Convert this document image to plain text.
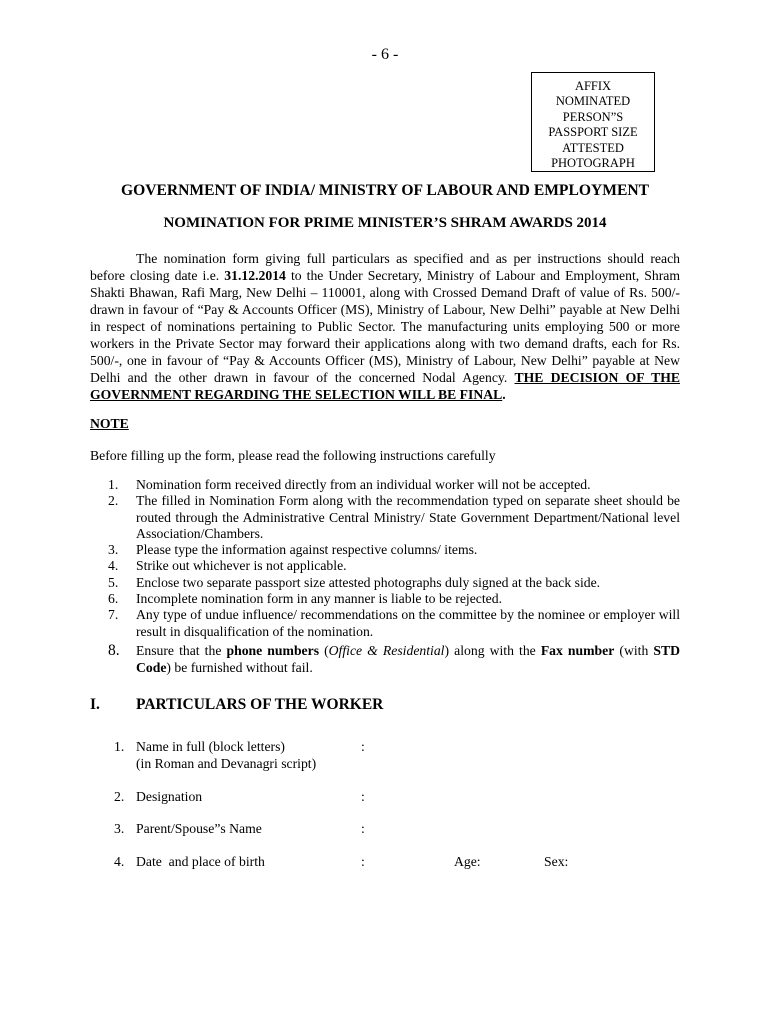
- 6 -
AFFIX
NOMINATED
PERSON”S
PASSPORT SIZE
ATTESTED
PHOTOGRAPH
GOVERNMENT OF INDIA/ MINISTRY OF LABOUR AND EMPLOYMENT
NOMINATION FOR PRIME MINISTER’S SHRAM AWARDS 2014

The nomination form giving full particulars as specified and as per instructions should reach before closing date i.e. 31.12.2014 to the Under Secretary, Ministry of Labour and Employment, Shram Shakti Bhawan, Rafi Marg, New Delhi – 110001, along with Crossed Demand Draft of value of Rs. 500/- drawn in favour of “Pay & Accounts Officer (MS), Ministry of Labour, New Delhi” payable at New Delhi in respect of nominations pertaining to Public Sector. The manufacturing units employing 500 or more workers in the Private Sector may forward their applications along with two demand drafts, each for Rs. 500/-, one in favour of “Pay & Accounts Officer (MS), Ministry of Labour, New Delhi” payable at New Delhi and the other drawn in favour of the concerned Nodal Agency. THE DECISION OF THE GOVERNMENT REGARDING THE SELECTION WILL BE FINAL.

NOTE
Before filling up the form, please read the following instructions carefully
1.	Nomination form received directly from an individual worker will not be accepted.
2.	The filled in Nomination Form along with the recommendation typed on separate sheet should be routed through the Administrative Central Ministry/ State Government Department/National level Association/Chambers.
3.	Please type the information against respective columns/ items.
4.	Strike out whichever is not applicable.
5.	Enclose two separate passport size attested photographs duly signed at the back side.
6.	Incomplete nomination form in any manner is liable to be rejected.
7.	Any type of undue influence/ recommendations on the committee by the nominee or employer will result in disqualification of the nomination.
8.	Ensure that the phone numbers (Office & Residential) along with the Fax number (with STD Code) be furnished without fail.
I. PARTICULARS OF THE WORKER
1. Name in full (block letters)
(in Roman and Devanagri script)
:
2. Designation	:
3. Parent/Spouse”s Name	:
4. Date  and place of birth	:	Age:	Sex:
